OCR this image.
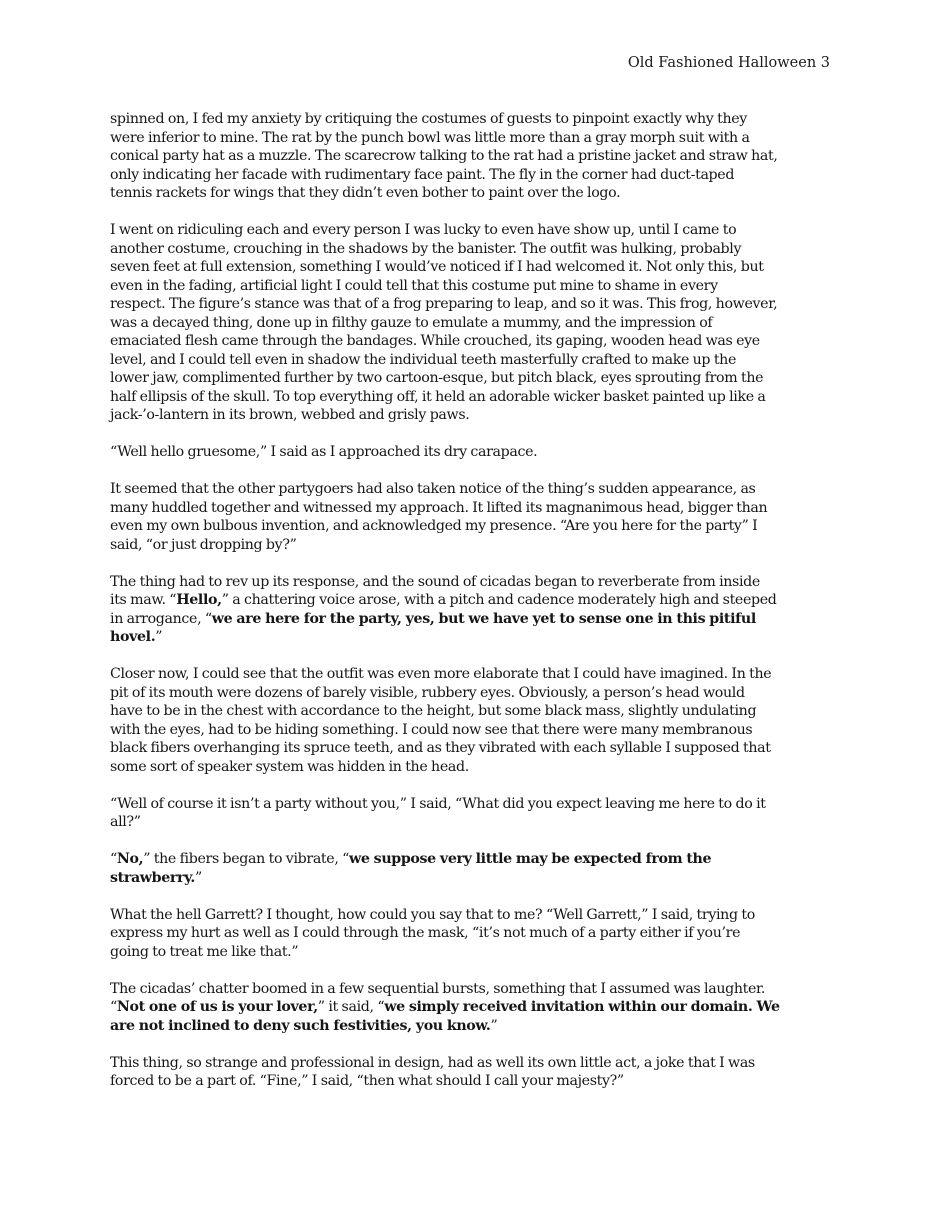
Old Fashioned Halloween 3

spinned on, I fed my anxiety by critiquing the costumes of guests to pinpoint exactly why they
were inferior to mine. The rat by the punch bowl was little more than a gray morph suit with a
conical party hat as a muzzle. The scarecrow talking to the rat had a pristine jacket and straw hat,
only indicating her facade with rudimentary face paint. The fly in the corner had duct-taped
tennis rackets for wings that they didn’t even bother to paint over the logo.

I went on ridiculing each and every person I was lucky to even have show up, until I came to
another costume, crouching in the shadows by the banister. The outfit was hulking, probably
seven feet at full extension, something I would’ve noticed if I had welcomed it. Not only this, but
even in the fading, artificial light I could tell that this costume put mine to shame in every
respect. The figure’s stance was that of a frog preparing to leap, and so it was. This frog, however,
was a decayed thing, done up in filthy gauze to emulate a mummy, and the impression of
emaciated flesh came through the bandages. While crouched, its gaping, wooden head was eye
level, and I could tell even in shadow the individual teeth masterfully crafted to make up the
lower jaw, complimented further by two cartoon-esque, but pitch black, eyes sprouting from the
half ellipsis of the skull. To top everything off, it held an adorable wicker basket painted up like a
jack-’o-lantern in its brown, webbed and grisly paws.

“Well hello gruesome,” I said as I approached its dry carapace.

It seemed that the other partygoers had also taken notice of the thing’s sudden appearance, as
many huddled together and witnessed my approach. It lifted its magnanimous head, bigger than
even my own bulbous invention, and acknowledged my presence. “Are you here for the party” I
said, “or just dropping by?”

The thing had to rev up its response, and the sound of cicadas began to reverberate from inside
its maw. “Hello,” a chattering voice arose, with a pitch and cadence moderately high and steeped
in arrogance, “we are here for the party, yes, but we have yet to sense one in this pitiful
hovel.”

Closer now, I could see that the outfit was even more elaborate that I could have imagined. In the
pit of its mouth were dozens of barely visible, rubbery eyes. Obviously, a person’s head would
have to be in the chest with accordance to the height, but some black mass, slightly undulating
with the eyes, had to be hiding something. I could now see that there were many membranous
black fibers overhanging its spruce teeth, and as they vibrated with each syllable I supposed that
some sort of speaker system was hidden in the head.

“Well of course it isn’t a party without you,” I said, “What did you expect leaving me here to do it
all?”

“No,” the fibers began to vibrate, “we suppose very little may be expected from the
strawberry.”

What the hell Garrett? I thought, how could you say that to me? “Well Garrett,” I said, trying to
express my hurt as well as I could through the mask, “it’s not much of a party either if you’re
going to treat me like that.”

The cicadas’ chatter boomed in a few sequential bursts, something that I assumed was laughter.
“Not one of us is your lover,” it said, “we simply received invitation within our domain. We
are not inclined to deny such festivities, you know.”

This thing, so strange and professional in design, had as well its own little act, a joke that I was
forced to be a part of. “Fine,” I said, “then what should I call your majesty?”
